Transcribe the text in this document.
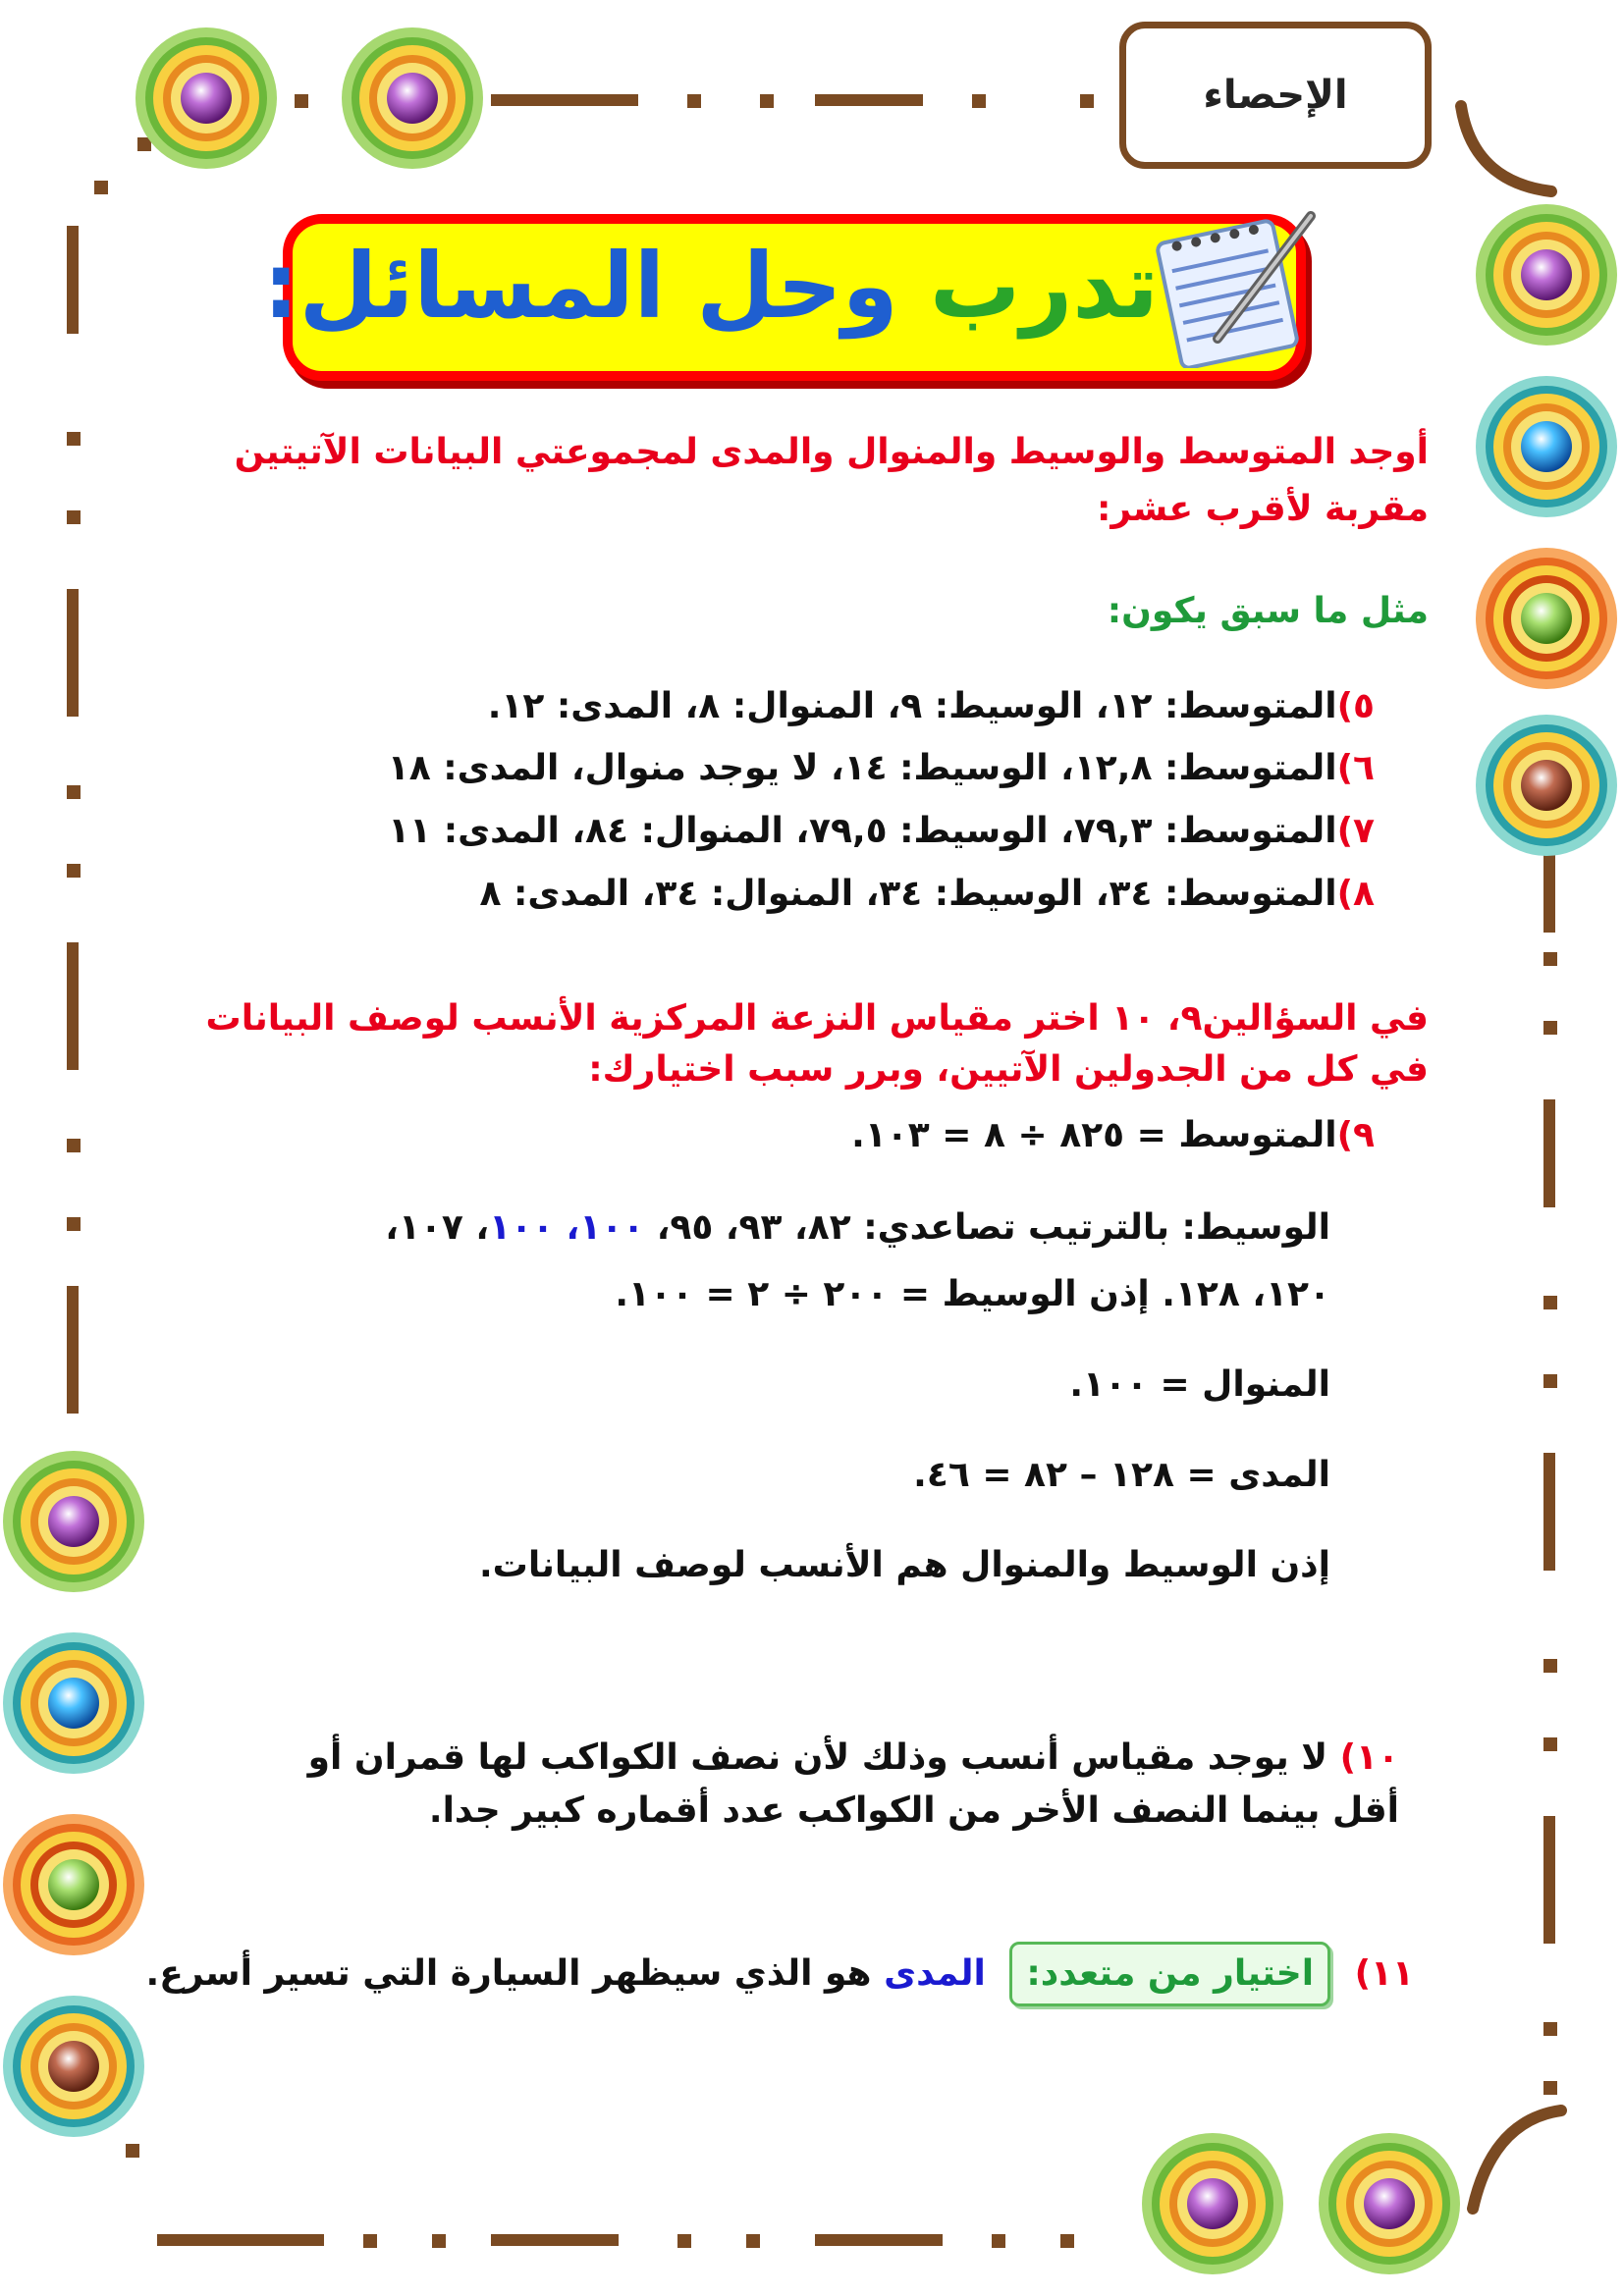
الإحصاء
تدرب وحل المسائل:
أوجد المتوسط والوسيط والمنوال والمدى لمجموعتي البيانات الآتيتين مقربة لأقرب عشر:
مثل ما سبق يكون:
٥)المتوسط: ١٢، الوسيط: ٩، المنوال: ٨، المدى: ١٢.
٦)المتوسط: ١٢,٨، الوسيط: ١٤، لا يوجد منوال، المدى: ١٨
٧)المتوسط: ٧٩,٣، الوسيط: ٧٩,٥، المنوال: ٨٤، المدى: ١١
٨)المتوسط: ٣٤، الوسيط: ٣٤، المنوال: ٣٤، المدى: ٨
في السؤالين٩، ١٠ اختر مقياس النزعة المركزية الأنسب لوصف البيانات في كل من الجدولين الآتيين، وبرر سبب اختيارك:
٩)المتوسط = ٨٢٥ ÷ ٨ = ١٠٣.
الوسيط: بالترتيب تصاعدي: ٨٢، ٩٣، ٩٥، ١٠٠، ١٠٠، ١٠٧،
١٢٠، ١٢٨. إذن الوسيط = ٢٠٠ ÷ ٢ = ١٠٠.
المنوال = ١٠٠.
المدى = ١٢٨ – ٨٢ = ٤٦.
إذن الوسيط والمنوال هم الأنسب لوصف البيانات.
١٠) لا يوجد مقياس أنسب وذلك لأن نصف الكواكب لها قمران أو أقل بينما النصف الأخر من الكواكب عدد أقماره كبير جدا.
١١) اختيار من متعدد: المدى هو الذي سيظهر السيارة التي تسير أسرع.
